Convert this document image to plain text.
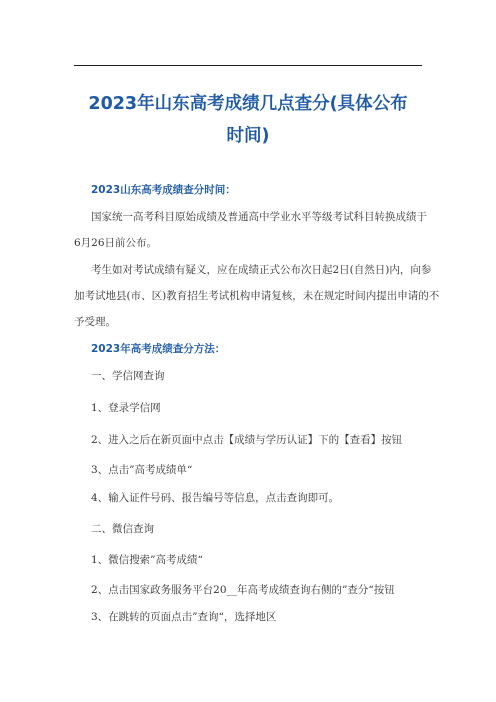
2023年山东高考成绩几点查分(具体公布
时间)
2023山东高考成绩查分时间：
国家统一高考科目原始成绩及普通高中学业水平等级考试科目转换成绩于
6月26日前公布。
考生如对考试成绩有疑义，应在成绩正式公布次日起2日(自然日)内，向参
加考试地县(市、区)教育招生考试机构申请复核，未在规定时间内提出申请的不
予受理。
2023年高考成绩查分方法：
一、学信网查询
1、登录学信网
2、进入之后在新页面中点击【成绩与学历认证】下的【查看】按钮
3、点击”高考成绩单“
4、输入证件号码、报告编号等信息，点击查询即可。
二、微信查询
1、微信搜索”高考成绩“
2、点击国家政务服务平台20__年高考成绩查询右侧的”查分“按钮
3、在跳转的页面点击”查询“，选择地区
